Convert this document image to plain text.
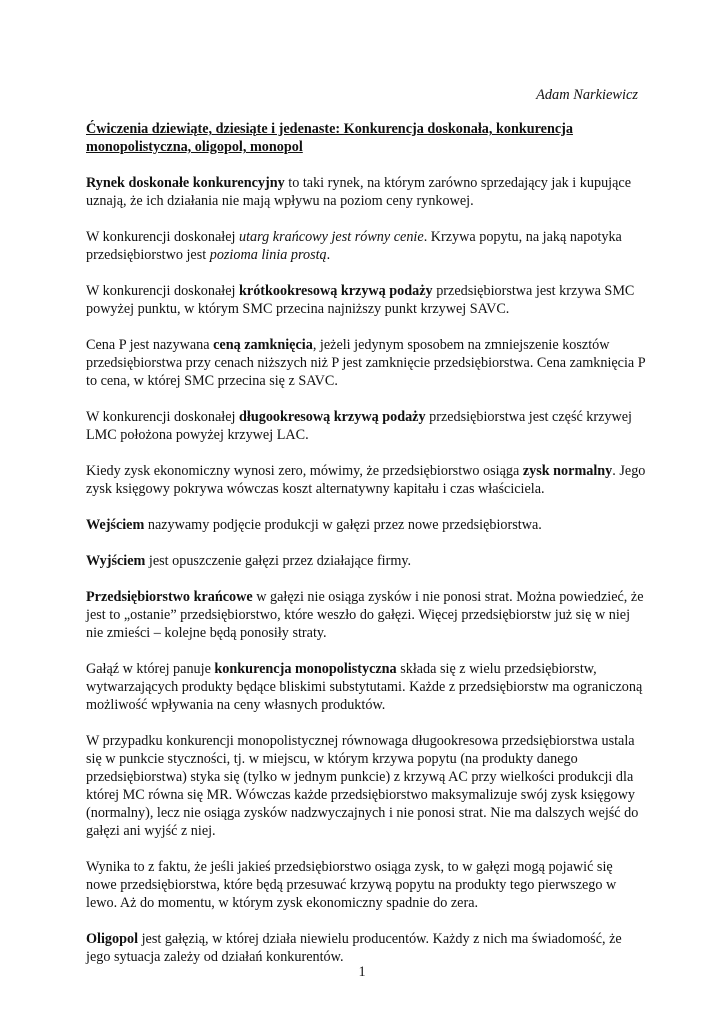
Adam Narkiewicz

Ćwiczenia dziewiąte, dziesiąte i jedenaste: Konkurencja doskonała, konkurencja monopolistyczna, oligopol, monopol

Rynek doskonałe konkurencyjny to taki rynek, na którym zarówno sprzedający jak i kupujące uznają, że ich działania nie mają wpływu na poziom ceny rynkowej.

W konkurencji doskonałej utarg krańcowy jest równy cenie. Krzywa popytu, na jaką napotyka przedsiębiorstwo jest pozioma linia prostą.

W konkurencji doskonałej krótkookresową krzywą podaży przedsiębiorstwa jest krzywa SMC powyżej punktu, w którym SMC przecina najniższy punkt krzywej SAVC.

Cena P jest nazywana ceną zamknięcia, jeżeli jedynym sposobem na zmniejszenie kosztów przedsiębiorstwa przy cenach niższych niż P jest zamknięcie przedsiębiorstwa. Cena zamknięcia P to cena, w której SMC przecina się z SAVC.

W konkurencji doskonałej długookresową krzywą podaży przedsiębiorstwa jest część krzywej LMC położona powyżej krzywej LAC.

Kiedy zysk ekonomiczny wynosi zero, mówimy, że przedsiębiorstwo osiąga zysk normalny. Jego zysk księgowy pokrywa wówczas koszt alternatywny kapitału i czas właściciela.

Wejściem nazywamy podjęcie produkcji w gałęzi przez nowe przedsiębiorstwa.

Wyjściem jest opuszczenie gałęzi przez działające firmy.

Przedsiębiorstwo krańcowe w gałęzi nie osiąga zysków i nie ponosi strat. Można powiedzieć, że jest to „ostanie” przedsiębiorstwo, które weszło do gałęzi. Więcej przedsiębiorstw już się w niej nie zmieści – kolejne będą ponosiły straty.

Gałąź w której panuje konkurencja monopolistyczna składa się z wielu przedsiębiorstw, wytwarzających produkty będące bliskimi substytutami. Każde z przedsiębiorstw ma ograniczoną możliwość wpływania na ceny własnych produktów.

W przypadku konkurencji monopolistycznej równowaga długookresowa przedsiębiorstwa ustala się w punkcie styczności, tj. w miejscu, w którym krzywa popytu (na produkty danego przedsiębiorstwa) styka się (tylko w jednym punkcie) z krzywą AC przy wielkości produkcji dla której MC równa się MR. Wówczas każde przedsiębiorstwo maksymalizuje swój zysk księgowy (normalny), lecz nie osiąga zysków nadzwyczajnych i nie ponosi strat. Nie ma dalszych wejść do gałęzi ani wyjść z niej.

Wynika to z faktu, że jeśli jakieś przedsiębiorstwo osiąga zysk, to w gałęzi mogą pojawić się nowe przedsiębiorstwa, które będą przesuwać krzywą popytu na produkty tego pierwszego w lewo. Aż do momentu, w którym zysk ekonomiczny spadnie do zera.

Oligopol jest gałęzią, w której działa niewielu producentów. Każdy z nich ma świadomość, że jego sytuacja zależy od działań konkurentów.

1
